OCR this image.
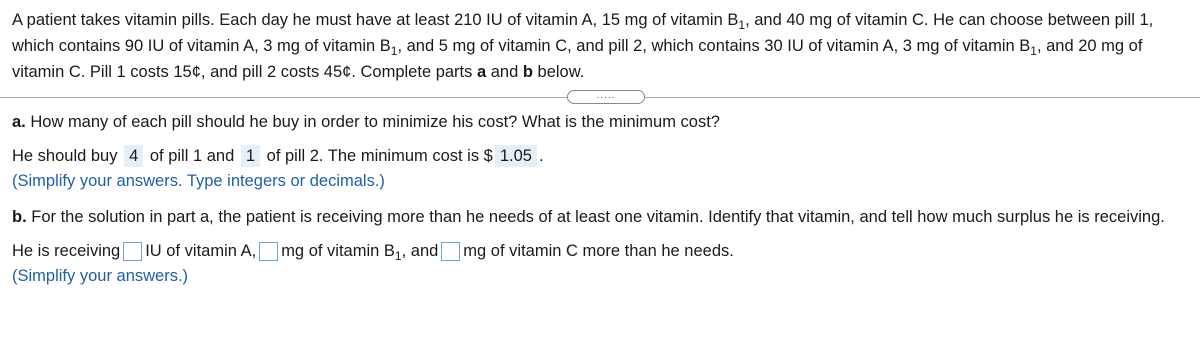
A patient takes vitamin pills. Each day he must have at least 210 IU of vitamin A, 15 mg of vitamin $B_1$, and 40 mg of vitamin C. He can choose between pill 1,
which contains 90 IU of vitamin A, 3 mg of vitamin $B_1$, and 5 mg of vitamin C, and pill 2, which contains 30 IU of vitamin A, 3 mg of vitamin $B_1$, and 20 mg of
vitamin C. Pill 1 costs 15¢, and pill 2 costs 45¢. Complete parts a and b below.
.....
a. How many of each pill should he buy in order to minimize his cost? What is the minimum cost?
He should buy 4 of pill 1 and 1 of pill 2. The minimum cost is $ 1.05 .
(Simplify your answers. Type integers or decimals.)
b. For the solution in part a, the patient is receiving more than he needs of at least one vitamin. Identify that vitamin, and tell how much surplus he is receiving.
He is receiving IU of vitamin A, mg of vitamin $B_1$, and mg of vitamin C more than he needs.
(Simplify your answers.)
